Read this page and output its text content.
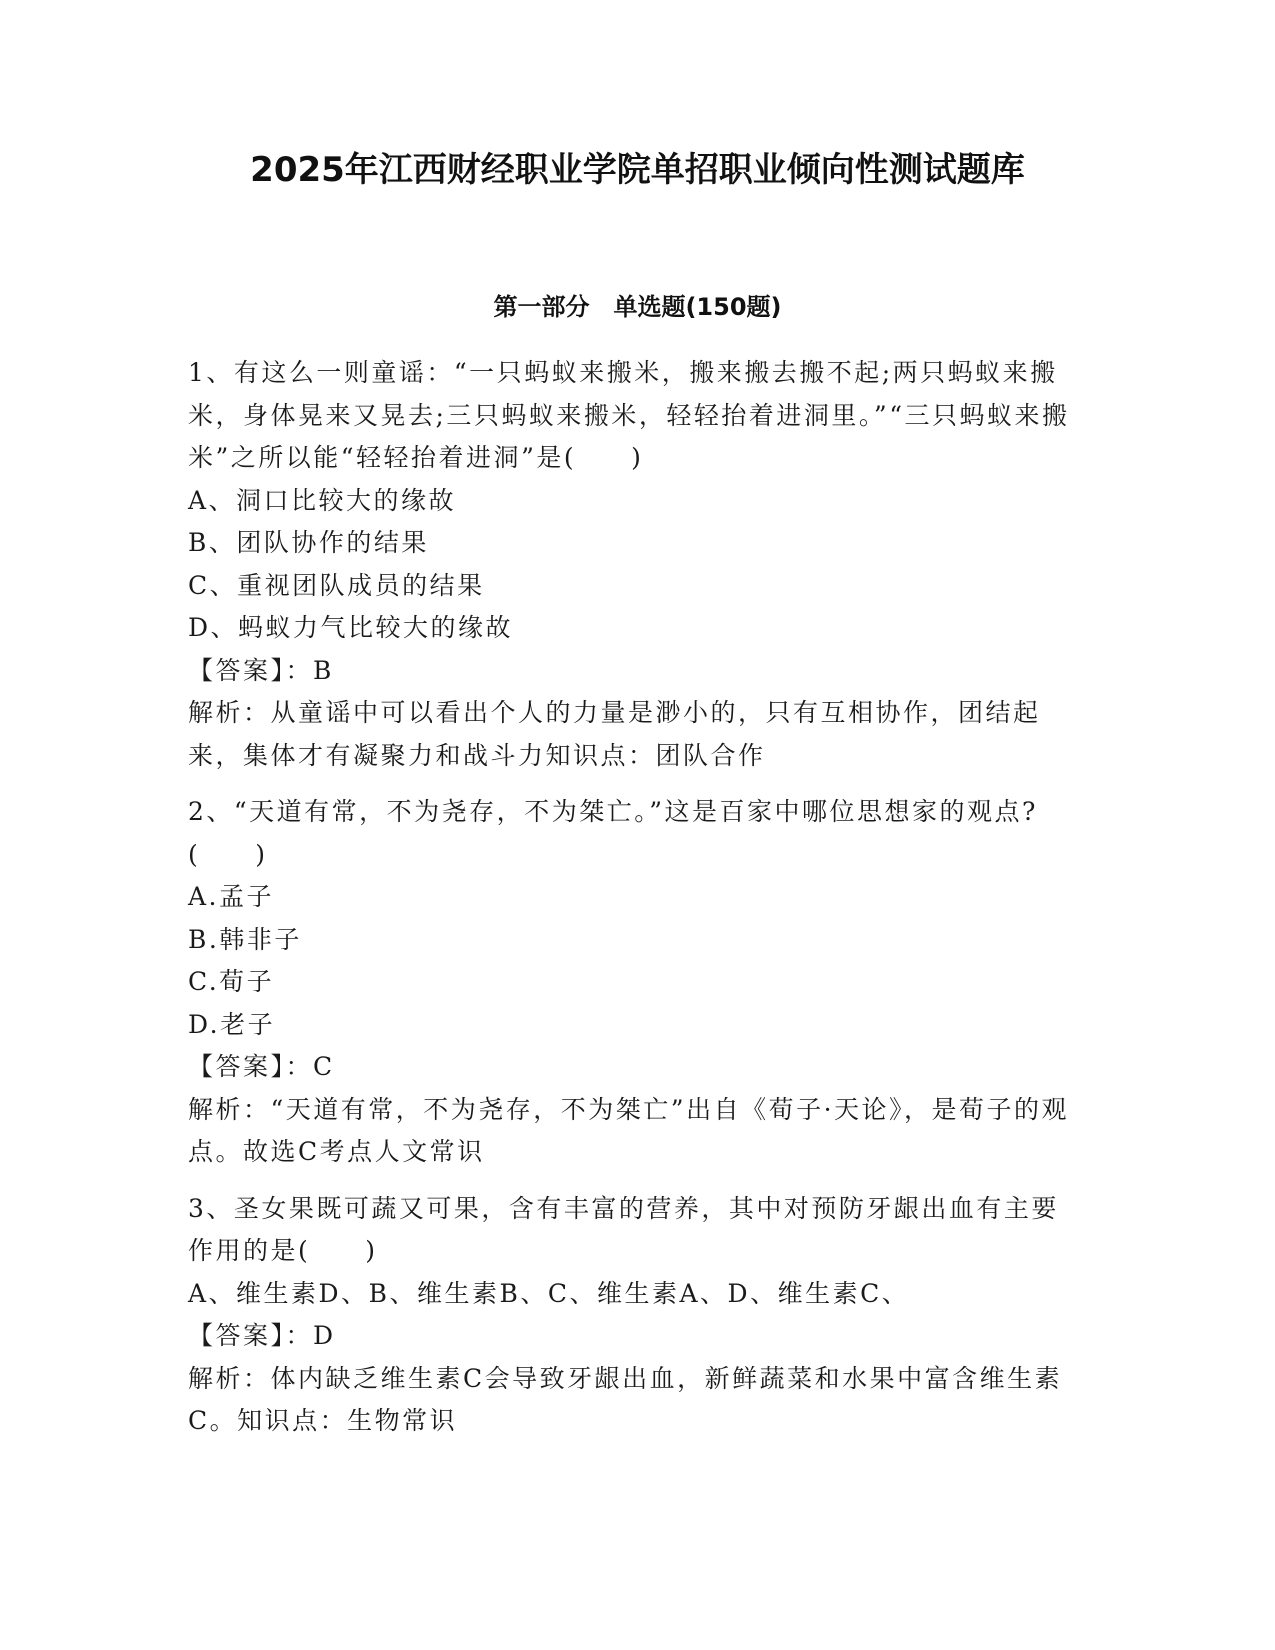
2025年江西财经职业学院单招职业倾向性测试题库
第一部分　单选题(150题)

1、有这么一则童谣：“一只蚂蚁来搬米，搬来搬去搬不起;两只蚂蚁来搬米，身体晃来又晃去;三只蚂蚁来搬米，轻轻抬着进洞里。”“三只蚂蚁来搬米”之所以能“轻轻抬着进洞”是(　　)

A、洞口比较大的缘故

B、团队协作的结果

C、重视团队成员的结果

D、蚂蚁力气比较大的缘故

【答案】：B

解析：从童谣中可以看出个人的力量是渺小的，只有互相协作，团结起来，集体才有凝聚力和战斗力知识点：团队合作

2、“天道有常，不为尧存，不为桀亡。”这是百家中哪位思想家的观点?(　　)

A.孟子

B.韩非子

C.荀子

D.老子

【答案】：C

解析：“天道有常，不为尧存，不为桀亡”出自《荀子·天论》，是荀子的观点。故选C考点人文常识

3、圣女果既可蔬又可果，含有丰富的营养，其中对预防牙龈出血有主要作用的是(　　)

A、维生素D、B、维生素B、C、维生素A、D、维生素C、

【答案】：D

解析：体内缺乏维生素C会导致牙龈出血，新鲜蔬菜和水果中富含维生素C。知识点：生物常识
